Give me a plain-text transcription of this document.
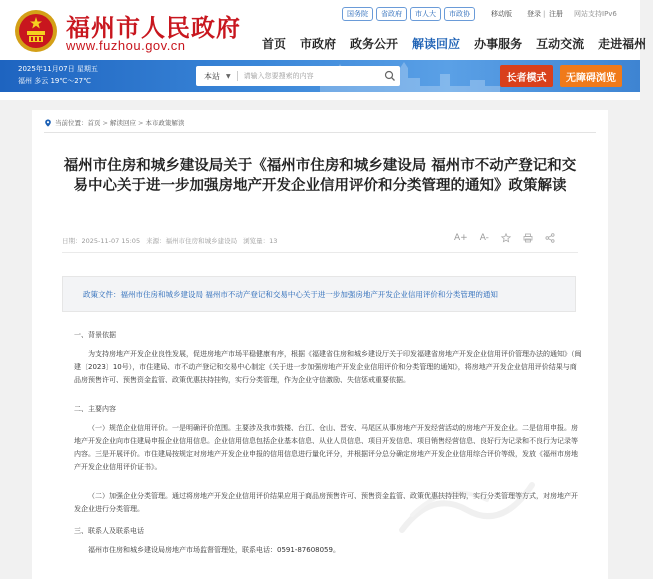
福州市人民政府
www.fuzhou.gov.cn
国务院	省政府	市人大	市政协	移动版 登录 | 注册 网站支持IPv6
首页	市政府	政务公开	解读回应	办事服务	互动交流	走进福州
2025年11月07日 星期五
福州 多云 19℃～27℃
本站	▼
请输入您要搜索的内容	长者模式	无障碍浏览
当前位置： 首页 > 解读回应 > 本市政策解读
福州市住房和城乡建设局关于《福州市住房和城乡建设局 福州市不动产登记和交易中心关于进一步加强房地产开发企业信用评价和分类管理的通知》政策解读
日期：2025-11-07 15:05 来源：福州市住房和城乡建设局 浏览量：13	A+ A-
政策文件： 福州市住房和城乡建设局 福州市不动产登记和交易中心关于进一步加强房地产开发企业信用评价和分类管理的通知
一、背景依据

为支持房地产开发企业良性发展，促进房地产市场平稳健康有序，根据《福建省住房和城乡建设厅关于印发福建省房地产开发企业信用评价管理办法的通知》（闽建〔2023〕10号），市住建局、市不动产登记和交易中心制定《关于进一步加强房地产开发企业信用评价和分类管理的通知》，将房地产开发企业信用评价结果与商品房预售许可、预售资金监管、政策优惠扶持挂钩，实行分类管理，作为企业守信激励、失信惩戒重要依据。

二、主要内容

（一）规范企业信用评价。一是明确评价范围。主要涉及我市鼓楼、台江、仓山、晋安、马尾区从事房地产开发经营活动的房地产开发企业。二是信用申报。房地产开发企业向市住建局申报企业信用信息。企业信用信息包括企业基本信息、从业人员信息、项目开发信息、项目销售经营信息、良好行为记录和不良行为记录等内容。三是开展评价。市住建局按规定对房地产开发企业申报的信用信息进行量化评分，并根据评分总分确定房地产开发企业信用综合评价等级，发放《福州市房地产开发企业信用评价证书》。

（二）加强企业分类管理。通过将房地产开发企业信用评价结果应用于商品房预售许可、预售资金监管、政策优惠扶持挂钩，实行分类管理等方式，对房地产开发企业进行分类管理。

三、联系人及联系电话

福州市住房和城乡建设局房地产市场监督管理处，联系电话：0591-87608059。
